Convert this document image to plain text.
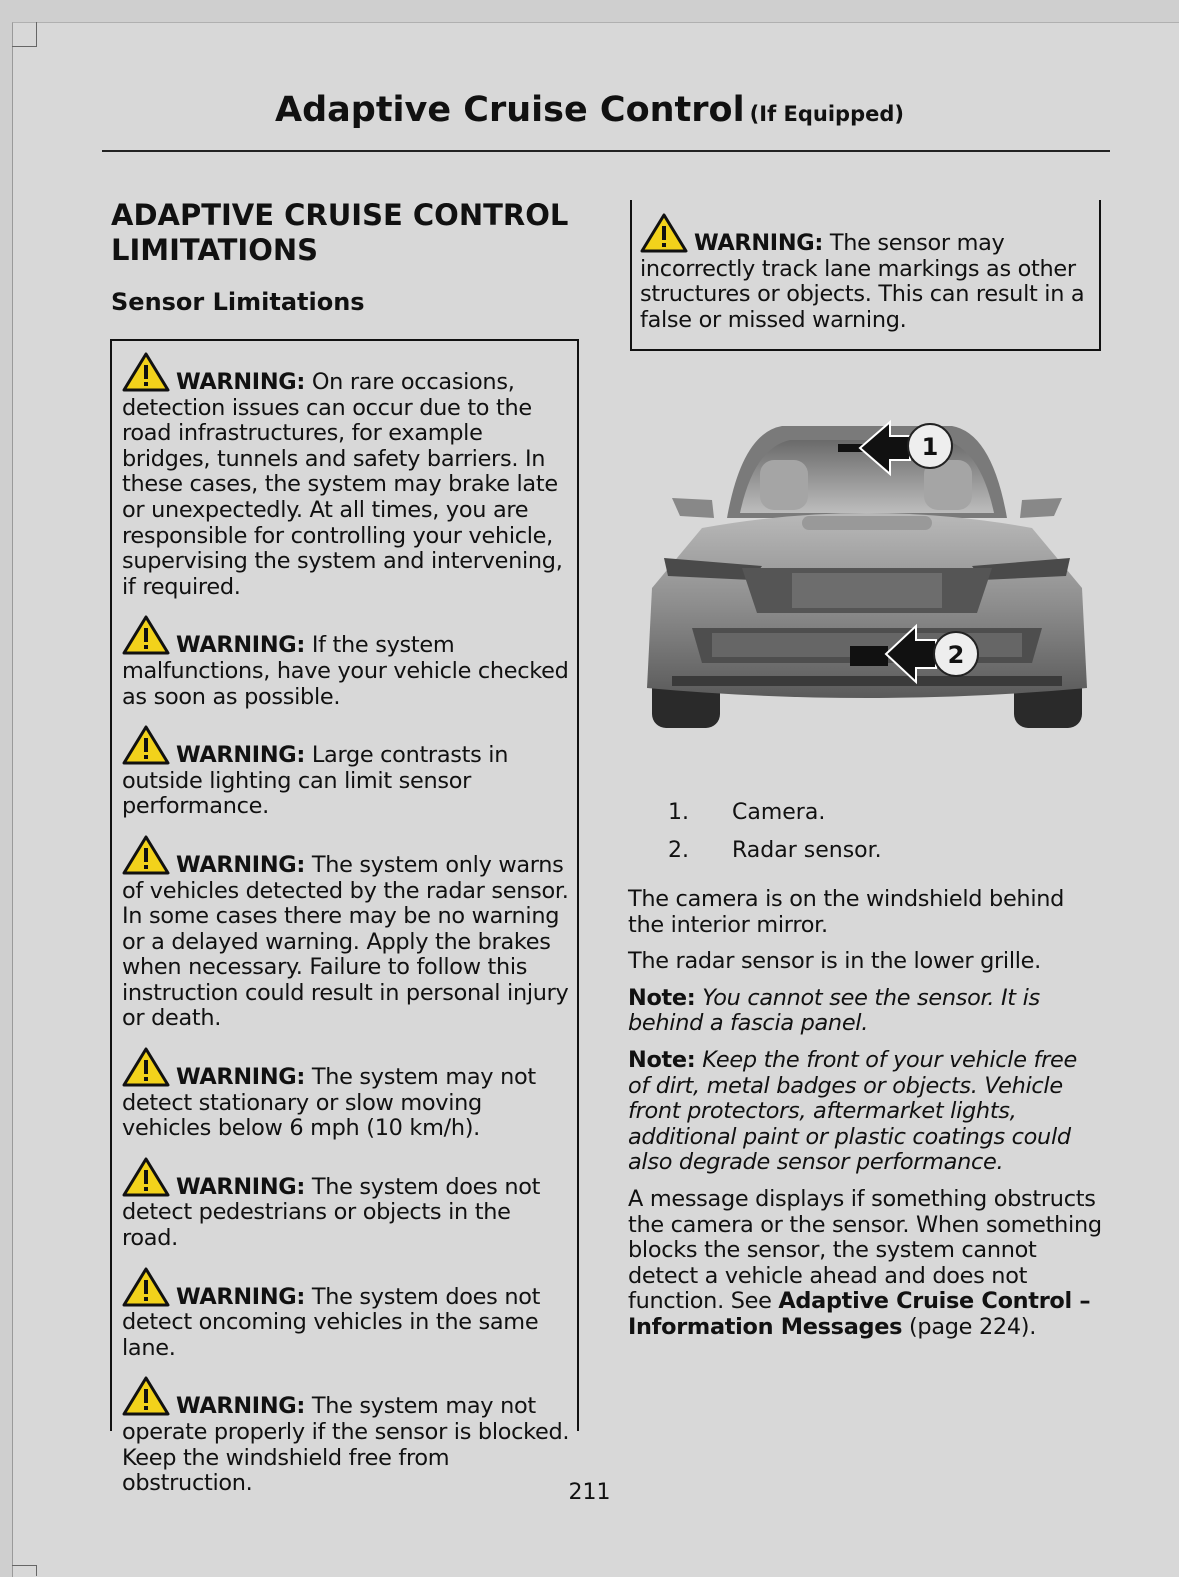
Adaptive Cruise Control (If Equipped)
ADAPTIVE CRUISE CONTROL LIMITATIONS
Sensor Limitations
WARNING: On rare occasions, detection issues can occur due to the road infrastructures, for example bridges, tunnels and safety barriers. In these cases, the system may brake late or unexpectedly. At all times, you are responsible for controlling your vehicle, supervising the system and intervening, if required.
WARNING: If the system malfunctions, have your vehicle checked as soon as possible.
WARNING: Large contrasts in outside lighting can limit sensor performance.
WARNING: The system only warns of vehicles detected by the radar sensor. In some cases there may be no warning or a delayed warning. Apply the brakes when necessary. Failure to follow this instruction could result in personal injury or death.
WARNING: The system may not detect stationary or slow moving vehicles below 6 mph (10 km/h).
WARNING: The system does not detect pedestrians or objects in the road.
WARNING: The system does not detect oncoming vehicles in the same lane.
WARNING: The system may not operate properly if the sensor is blocked. Keep the windshield free from obstruction.
WARNING: The sensor may incorrectly track lane markings as other structures or objects. This can result in a false or missed warning.
1
2
1.	Camera.
2.	Radar sensor.

The camera is on the windshield behind the interior mirror.

The radar sensor is in the lower grille.

Note: You cannot see the sensor. It is behind a fascia panel.

Note: Keep the front of your vehicle free of dirt, metal badges or objects. Vehicle front protectors, aftermarket lights, additional paint or plastic coatings could also degrade sensor performance.

A message displays if something obstructs the camera or the sensor. When something blocks the sensor, the system cannot detect a vehicle ahead and does not function. See Adaptive Cruise Control – Information Messages (page 224).

211
